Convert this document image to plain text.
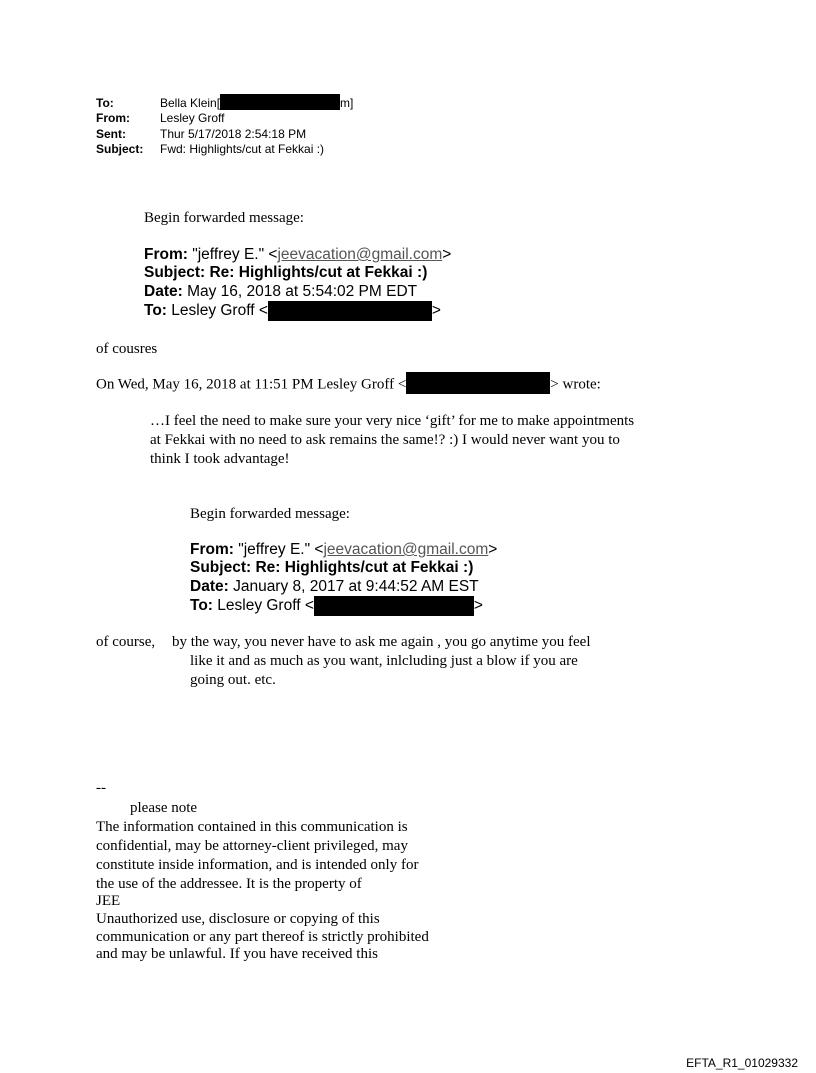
To:	Bella Klein[	m]
From:	Lesley Groff
Sent:	Thur 5/17/2018 2:54:18 PM
Subject: Fwd: Highlights/cut at Fekkai :)
Begin forwarded message:
From: "jeffrey E." <jeevacation@gmail.com>
Subject: Re: Highlights/cut at Fekkai :)
Date: May 16, 2018 at 5:54:02 PM EDT
To: Lesley Groff <	>
of cousres
On Wed, May 16, 2018 at 11:51 PM Lesley Groff <	> wrote:
…I feel the need to make sure your very nice ‘gift’ for me to make appointments
at Fekkai with no need to ask remains the same!? :) I would never want you to
think I took advantage!
Begin forwarded message:
From: "jeffrey E." <jeevacation@gmail.com>
Subject: Re: Highlights/cut at Fekkai :)
Date: January 8, 2017 at 9:44:52 AM EST
To: Lesley Groff <	>
of course, by the way, you never have to ask me again , you go anytime you feel
like it and as much as you want, inlcluding just a blow if you are
going out. etc.
--
please note
The information contained in this communication is
confidential, may be attorney-client privileged, may
constitute inside information, and is intended only for
the use of the addressee. It is the property of
JEE
Unauthorized use, disclosure or copying of this
communication or any part thereof is strictly prohibited
and may be unlawful. If you have received this
EFTA_R1_01029332
